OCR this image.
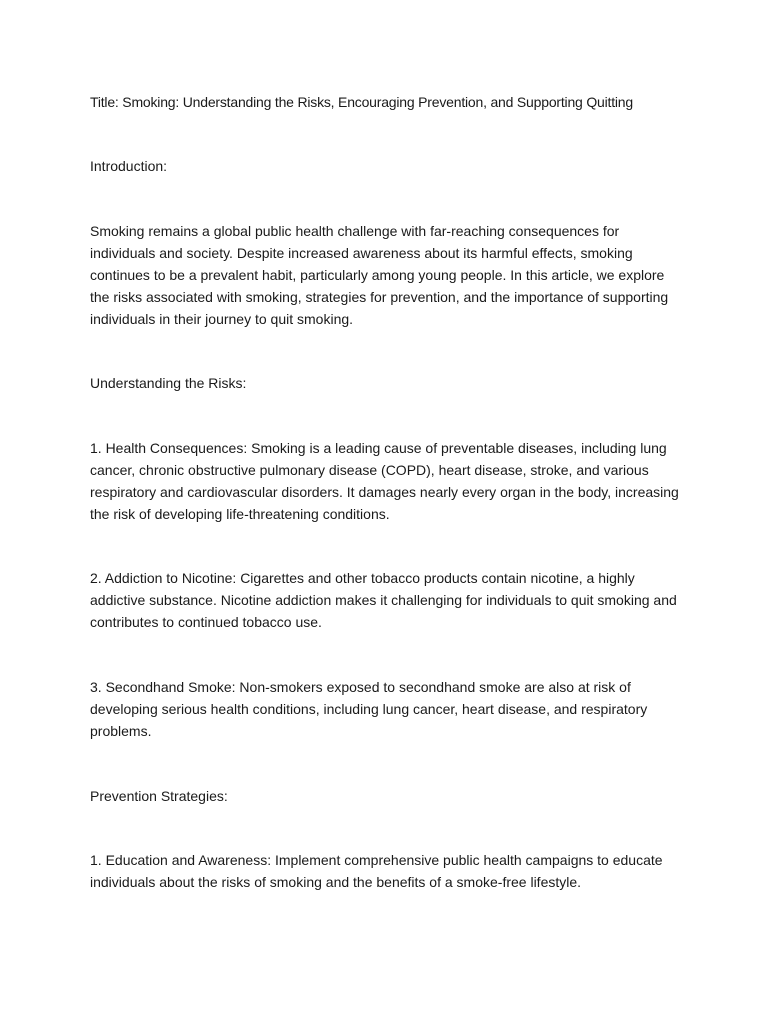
Title: Smoking: Understanding the Risks, Encouraging Prevention, and Supporting Quitting

Introduction:

Smoking remains a global public health challenge with far-reaching consequences for individuals and society. Despite increased awareness about its harmful effects, smoking continues to be a prevalent habit, particularly among young people. In this article, we explore the risks associated with smoking, strategies for prevention, and the importance of supporting individuals in their journey to quit smoking.

Understanding the Risks:

1. Health Consequences: Smoking is a leading cause of preventable diseases, including lung cancer, chronic obstructive pulmonary disease (COPD), heart disease, stroke, and various respiratory and cardiovascular disorders. It damages nearly every organ in the body, increasing the risk of developing life-threatening conditions.

2. Addiction to Nicotine: Cigarettes and other tobacco products contain nicotine, a highly addictive substance. Nicotine addiction makes it challenging for individuals to quit smoking and contributes to continued tobacco use.

3. Secondhand Smoke: Non-smokers exposed to secondhand smoke are also at risk of developing serious health conditions, including lung cancer, heart disease, and respiratory problems.

Prevention Strategies:

1. Education and Awareness: Implement comprehensive public health campaigns to educate individuals about the risks of smoking and the benefits of a smoke-free lifestyle.
